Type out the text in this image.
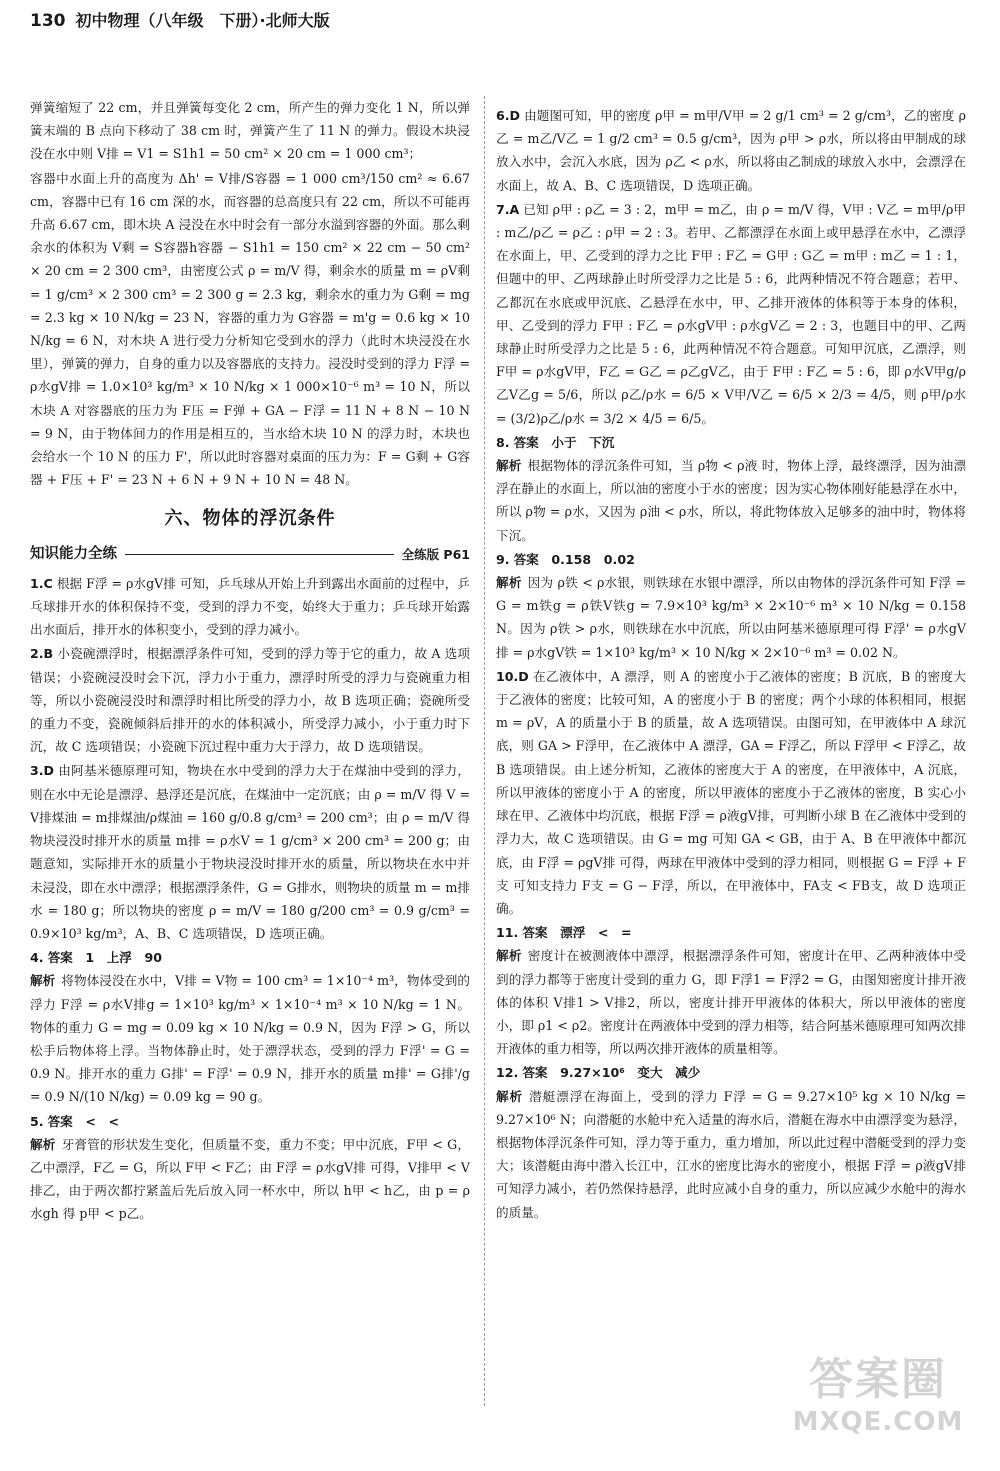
130 初中物理（八年级　下册）·北师大版

弹簧缩短了 22 cm，并且弹簧每变化 2 cm，所产生的弹力变化 1 N，所以弹簧末端的 B 点向下移动了 38 cm 时，弹簧产生了 11 N 的弹力。假设木块浸没在水中则 V排 = V1 = S1h1 = 50 cm² × 20 cm = 1 000 cm³；

容器中水面上升的高度为 Δh' = V排/S容器 = 1 000 cm³/150 cm² ≈ 6.67 cm，容器中已有 16 cm 深的水，而容器的总高度只有 22 cm，所以不可能再升高 6.67 cm，即木块 A 浸没在水中时会有一部分水溢到容器的外面。那么剩余水的体积为 V剩 = S容器h容器 − S1h1 = 150 cm² × 22 cm − 50 cm² × 20 cm = 2 300 cm³，由密度公式 ρ = m/V 得，剩余水的质量 m = ρV剩 = 1 g/cm³ × 2 300 cm³ = 2 300 g = 2.3 kg，剩余水的重力为 G剩 = mg = 2.3 kg × 10 N/kg = 23 N，容器的重力为 G容器 = m'g = 0.6 kg × 10 N/kg = 6 N，对木块 A 进行受力分析知它受到水的浮力（此时木块浸没在水里），弹簧的弹力，自身的重力以及容器底的支持力。浸没时受到的浮力 F浮 = ρ水gV排 = 1.0×10³ kg/m³ × 10 N/kg × 1 000×10⁻⁶ m³ = 10 N，所以木块 A 对容器底的压力为 F压 = F弹 + GA − F浮 = 11 N + 8 N − 10 N = 9 N，由于物体间力的作用是相互的，当水给木块 10 N 的浮力时，木块也会给水一个 10 N 的压力 F'，所以此时容器对桌面的压力为：F = G剩 + G容器 + F压 + F' = 23 N + 6 N + 9 N + 10 N = 48 N。

六、物体的浮沉条件
知识能力全练	全练版 P61

1.C 根据 F浮 = ρ水gV排 可知，乒乓球从开始上升到露出水面前的过程中，乒乓球排开水的体积保持不变，受到的浮力不变，始终大于重力；乒乓球开始露出水面后，排开水的体积变小，受到的浮力减小。

2.B 小瓷碗漂浮时，根据漂浮条件可知，受到的浮力等于它的重力，故 A 选项错误；小瓷碗浸没时会下沉，浮力小于重力，漂浮时所受的浮力与瓷碗重力相等，所以小瓷碗浸没时和漂浮时相比所受的浮力小，故 B 选项正确；瓷碗所受的重力不变，瓷碗倾斜后排开的水的体积减小，所受浮力减小，小于重力时下沉，故 C 选项错误；小瓷碗下沉过程中重力大于浮力，故 D 选项错误。

3.D 由阿基米德原理可知，物块在水中受到的浮力大于在煤油中受到的浮力，则在水中无论是漂浮、悬浮还是沉底，在煤油中一定沉底；由 ρ = m/V 得 V = V排煤油 = m排煤油/ρ煤油 = 160 g/0.8 g/cm³ = 200 cm³；由 ρ = m/V 得物块浸没时排开水的质量 m排 = ρ水V = 1 g/cm³ × 200 cm³ = 200 g；由题意知，实际排开水的质量小于物块浸没时排开水的质量，所以物块在水中并未浸没，即在水中漂浮；根据漂浮条件，G = G排水，则物块的质量 m = m排水 = 180 g；所以物块的密度 ρ = m/V = 180 g/200 cm³ = 0.9 g/cm³ = 0.9×10³ kg/m³，A、B、C 选项错误，D 选项正确。

4. 答案　1　上浮　90
解析 将物体浸没在水中，V排 = V物 = 100 cm³ = 1×10⁻⁴ m³，物体受到的浮力 F浮 = ρ水V排g = 1×10³ kg/m³ × 1×10⁻⁴ m³ × 10 N/kg = 1 N。物体的重力 G = mg = 0.09 kg × 10 N/kg = 0.9 N，因为 F浮 > G，所以松手后物体将上浮。当物体静止时，处于漂浮状态，受到的浮力 F浮' = G = 0.9 N。排开水的重力 G排' = F浮' = 0.9 N，排开水的质量 m排' = G排'/g = 0.9 N/(10 N/kg) = 0.09 kg = 90 g。

5. 答案　<　<
解析 牙膏管的形状发生变化，但质量不变，重力不变；甲中沉底，F甲 < G，乙中漂浮，F乙 = G，所以 F甲 < F乙；由 F浮 = ρ水gV排 可得，V排甲 < V排乙，由于两次都拧紧盖后先后放入同一杯水中，所以 h甲 < h乙，由 p = ρ水gh 得 p甲 < p乙。

6.D 由题图可知，甲的密度 ρ甲 = m甲/V甲 = 2 g/1 cm³ = 2 g/cm³，乙的密度 ρ乙 = m乙/V乙 = 1 g/2 cm³ = 0.5 g/cm³，因为 ρ甲 > ρ水，所以将由甲制成的球放入水中，会沉入水底，因为 ρ乙 < ρ水，所以将由乙制成的球放入水中，会漂浮在水面上，故 A、B、C 选项错误，D 选项正确。

7.A 已知 ρ甲 : ρ乙 = 3 : 2，m甲 = m乙，由 ρ = m/V 得，V甲 : V乙 = m甲/ρ甲 : m乙/ρ乙 = ρ乙 : ρ甲 = 2 : 3。若甲、乙都漂浮在水面上或甲悬浮在水中，乙漂浮在水面上，甲、乙受到的浮力之比 F甲 : F乙 = G甲 : G乙 = m甲 : m乙 = 1 : 1，但题中的甲、乙两球静止时所受浮力之比是 5 : 6，此两种情况不符合题意；若甲、乙都沉在水底或甲沉底、乙悬浮在水中，甲、乙排开液体的体积等于本身的体积，甲、乙受到的浮力 F甲 : F乙 = ρ水gV甲 : ρ水gV乙 = 2 : 3，也题目中的甲、乙两球静止时所受浮力之比是 5 : 6，此两种情况不符合题意。可知甲沉底，乙漂浮，则 F甲 = ρ水gV甲，F乙 = G乙 = ρ乙gV乙，由于 F甲 : F乙 = 5 : 6，即 ρ水V甲g/ρ乙V乙g = 5/6，所以 ρ乙/ρ水 = 6/5 × V甲/V乙 = 6/5 × 2/3 = 4/5，则 ρ甲/ρ水 = (3/2)ρ乙/ρ水 = 3/2 × 4/5 = 6/5。

8. 答案　小于　下沉
解析 根据物体的浮沉条件可知，当 ρ物 < ρ液 时，物体上浮，最终漂浮，因为油漂浮在静止的水面上，所以油的密度小于水的密度；因为实心物体刚好能悬浮在水中，所以 ρ物 = ρ水，又因为 ρ油 < ρ水，所以，将此物体放入足够多的油中时，物体将下沉。

9. 答案　0.158　0.02
解析 因为 ρ铁 < ρ水银，则铁球在水银中漂浮，所以由物体的浮沉条件可知 F浮 = G = m铁g = ρ铁V铁g = 7.9×10³ kg/m³ × 2×10⁻⁶ m³ × 10 N/kg = 0.158 N。因为 ρ铁 > ρ水，则铁球在水中沉底，所以由阿基米德原理可得 F浮' = ρ水gV排 = ρ水gV铁 = 1×10³ kg/m³ × 10 N/kg × 2×10⁻⁶ m³ = 0.02 N。

10.D 在乙液体中，A 漂浮，则 A 的密度小于乙液体的密度；B 沉底，B 的密度大于乙液体的密度；比较可知，A 的密度小于 B 的密度；两个小球的体积相同，根据 m = ρV，A 的质量小于 B 的质量，故 A 选项错误。由图可知，在甲液体中 A 球沉底，则 GA > F浮甲，在乙液体中 A 漂浮，GA = F浮乙，所以 F浮甲 < F浮乙，故 B 选项错误。由上述分析知，乙液体的密度大于 A 的密度，在甲液体中，A 沉底，所以甲液体的密度小于 A 的密度，所以甲液体的密度小于乙液体的密度，B 实心小球在甲、乙液体中均沉底，根据 F浮 = ρ液gV排，可判断小球 B 在乙液体中受到的浮力大，故 C 选项错误。由 G = mg 可知 GA < GB，由于 A、B 在甲液体中都沉底，由 F浮 = ρgV排 可得，两球在甲液体中受到的浮力相同，则根据 G = F浮 + F支 可知支持力 F支 = G − F浮，所以，在甲液体中，FA支 < FB支，故 D 选项正确。

11. 答案　漂浮　<　=
解析 密度计在被测液体中漂浮，根据漂浮条件可知，密度计在甲、乙两种液体中受到的浮力都等于密度计受到的重力 G，即 F浮1 = F浮2 = G，由图知密度计排开液体的体积 V排1 > V排2，所以，密度计排开甲液体的体积大，所以甲液体的密度小，即 ρ1 < ρ2。密度计在两液体中受到的浮力相等，结合阿基米德原理可知两次排开液体的重力相等，所以两次排开液体的质量相等。

12. 答案　9.27×10⁶　变大　减少
解析 潜艇漂浮在海面上，受到的浮力 F浮 = G = 9.27×10⁵ kg × 10 N/kg = 9.27×10⁶ N；向潜艇的水舱中充入适量的海水后，潜艇在海水中由漂浮变为悬浮，根据物体浮沉条件可知，浮力等于重力，重力增加，所以此过程中潜艇受到的浮力变大；该潜艇由海中潜入长江中，江水的密度比海水的密度小，根据 F浮 = ρ液gV排 可知浮力减小，若仍然保持悬浮，此时应减小自身的重力，所以应减少水舱中的海水的质量。

答案圈
MXQE.COM
